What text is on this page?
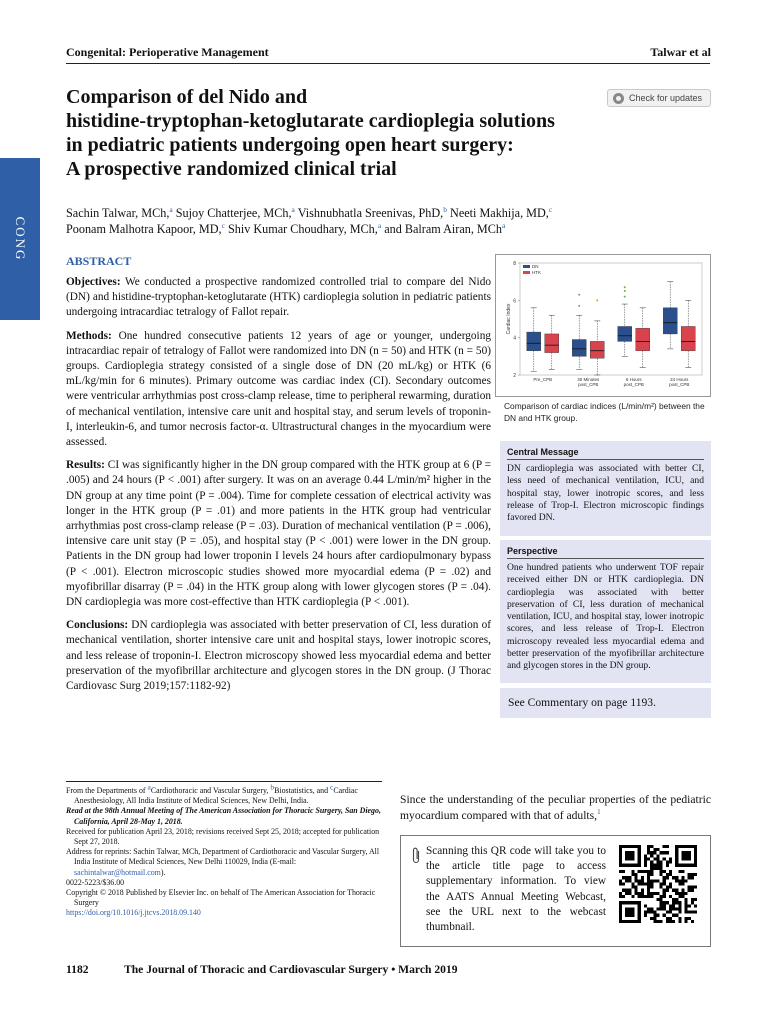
Congenital: Perioperative Management	Talwar et al
Comparison of del Nido and
histidine-tryptophan-ketoglutarate cardioplegia solutions
in pediatric patients undergoing open heart surgery:
A prospective randomized clinical trial
Check for updates
CONG
Sachin Talwar, MCh,$^a$ Sujoy Chatterjee, MCh,$^a$ Vishnubhatla Sreenivas, PhD,$^b$ Neeti Makhija, MD,$^c$
Poonam Malhotra Kapoor, MD,$^c$ Shiv Kumar Choudhary, MCh,$^a$ and Balram Airan, MCh$^a$
ABSTRACT

Objectives: We conducted a prospective randomized controlled trial to compare del Nido (DN) and histidine-tryptophan-ketoglutarate (HTK) cardioplegia solution in pediatric patients undergoing intracardiac tetralogy of Fallot repair.

Methods: One hundred consecutive patients 12 years of age or younger, undergoing intracardiac repair of tetralogy of Fallot were randomized into DN (n = 50) and HTK (n = 50) groups. Cardioplegia strategy consisted of a single dose of DN (20 mL/kg) or HTK (6 mL/kg/min for 6 minutes). Primary outcome was cardiac index (CI). Secondary outcomes were ventricular arrhythmias post cross-clamp release, time to peripheral rewarming, duration of mechanical ventilation, intensive care unit and hospital stay, and serum levels of troponin-I, interleukin-6, and tumor necrosis factor-α. Ultrastructural changes in the myocardium were assessed.

Results: CI was significantly higher in the DN group compared with the HTK group at 6 (P = .005) and 24 hours (P < .001) after surgery. It was on an average 0.44 L/min/m² higher in the DN group at any time point (P = .004). Time for complete cessation of electrical activity was longer in the HTK group (P = .01) and more patients in the HTK group had ventricular arrhythmias post cross-clamp release (P = .03). Duration of mechanical ventilation (P = .006), intensive care unit stay (P = .05), and hospital stay (P < .001) were lower in the DN group. Patients in the DN group had lower troponin I levels 24 hours after cardiopulmonary bypass (P < .001). Electron microscopic studies showed more myocardial edema (P = .02) and myofibrillar disarray (P = .04) in the HTK group along with lower glycogen stores (P = .04). DN cardioplegia was more cost-effective than HTK cardioplegia (P < .001).

Conclusions: DN cardioplegia was associated with better preservation of CI, less duration of mechanical ventilation, shorter intensive care unit and hospital stays, lower inotropic scores, and less release of troponin-I. Electron microscopy showed less myocardial edema and better preservation of the myofibrillar architecture and glycogen stores in the DN group. (J Thorac Cardiovasc Surg 2019;157:1182-92)

2
4
6
8
Cardiac Index
Pre_CPB	30 Minutes
post_CPB
6 Hours
post_CPB
24 Hours
post_CPB
DN
HTK
Comparison of cardiac indices (L/min/m²) between the DN and HTK group.
Central Message
DN cardioplegia was associated with better CI, less need of mechanical ventilation, ICU, and hospital stay, lower inotropic scores, and less release of Trop-I. Electron microscopic findings favored DN.
Perspective
One hundred patients who underwent TOF repair received either DN or HTK cardioplegia. DN cardioplegia was associated with better preservation of CI, less duration of mechanical ventilation, ICU, and hospital stay, lower inotropic scores, and less release of Trop-I. Electron microscopy revealed less myocardial edema and better preservation of the myofibrillar architecture and glycogen stores in the DN group.
See Commentary on page 1193.

From the Departments of $^a$Cardiothoracic and Vascular Surgery, $^b$Biostatistics, and $^c$Cardiac Anesthesiology, All India Institute of Medical Sciences, New Delhi, India.

Read at the 98th Annual Meeting of The American Association for Thoracic Surgery, San Diego, California, April 28-May 1, 2018.

Received for publication April 23, 2018; revisions received Sept 25, 2018; accepted for publication Sept 27, 2018.

Address for reprints: Sachin Talwar, MCh, Department of Cardiothoracic and Vascular Surgery, All India Institute of Medical Sciences, New Delhi 110029, India (E-mail: sachintalwar@hotmail.com).

0022-5223/$36.00

Copyright © 2018 Published by Elsevier Inc. on behalf of The American Association for Thoracic Surgery

https://doi.org/10.1016/j.jtcvs.2018.09.140

Since the understanding of the peculiar properties of the pediatric myocardium compared with that of adults,$^1$
Scanning this QR code will take you to the article title page to access supplementary information. To view the AATS Annual Meeting Webcast, see the URL next to the webcast thumbnail.
1182	The Journal of Thoracic and Cardiovascular Surgery • March 2019
